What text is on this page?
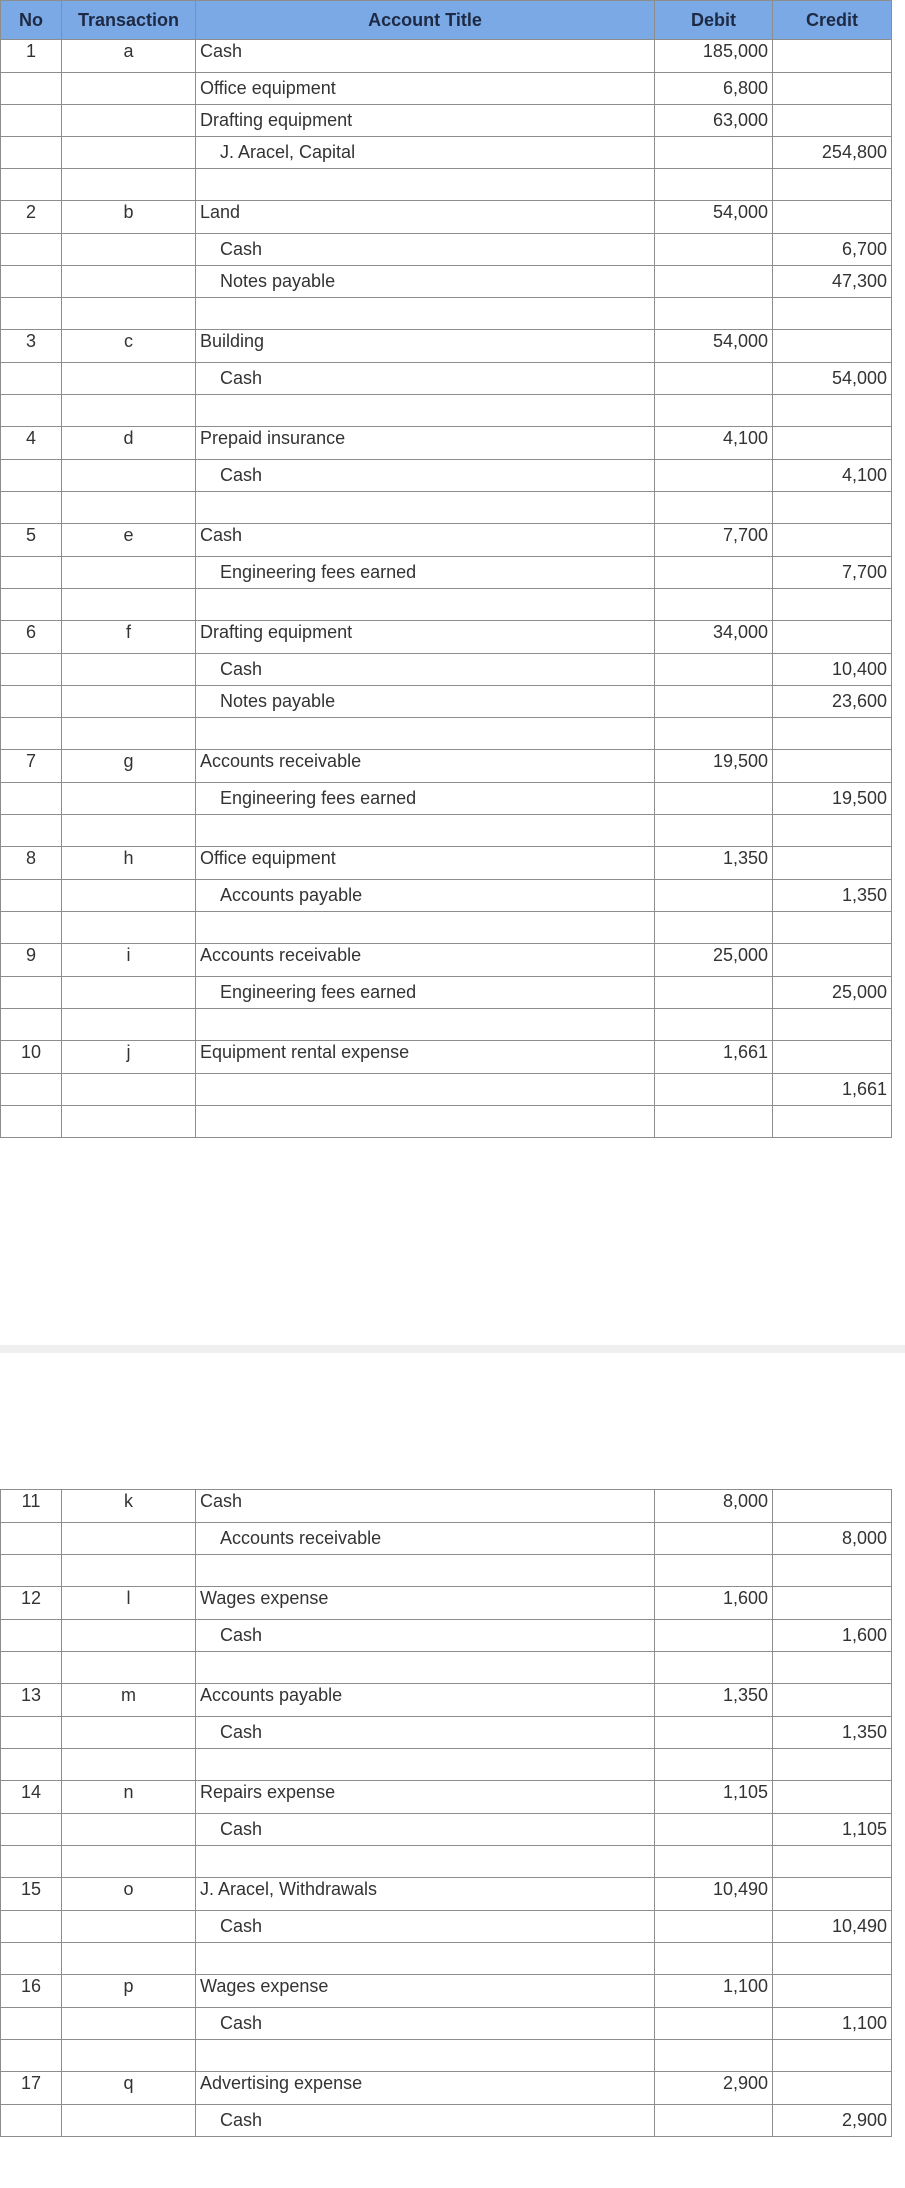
No	Transaction	Account Title	Debit	Credit
1	a	Cash	185,000	
		Office equipment	6,800	
		Drafting equipment	63,000	
		J. Aracel, Capital		254,800

2	b	Land	54,000	
		Cash		6,700
		Notes payable		47,300

3	c	Building	54,000	
		Cash		54,000

4	d	Prepaid insurance	4,100	
		Cash		4,100

5	e	Cash	7,700	
		Engineering fees earned		7,700

6	f	Drafting equipment	34,000	
		Cash		10,400
		Notes payable		23,600

7	g	Accounts receivable	19,500	
		Engineering fees earned		19,500

8	h	Office equipment	1,350	
		Accounts payable		1,350

9	i	Accounts receivable	25,000	
		Engineering fees earned		25,000

10	j	Equipment rental expense	1,661	
				1,661

11	k	Cash	8,000	
		Accounts receivable		8,000

12	l	Wages expense	1,600	
		Cash		1,600

13	m	Accounts payable	1,350	
		Cash		1,350

14	n	Repairs expense	1,105	
		Cash		1,105

15	o	J. Aracel, Withdrawals	10,490	
		Cash		10,490

16	p	Wages expense	1,100	
		Cash		1,100

17	q	Advertising expense	2,900	
		Cash		2,900
